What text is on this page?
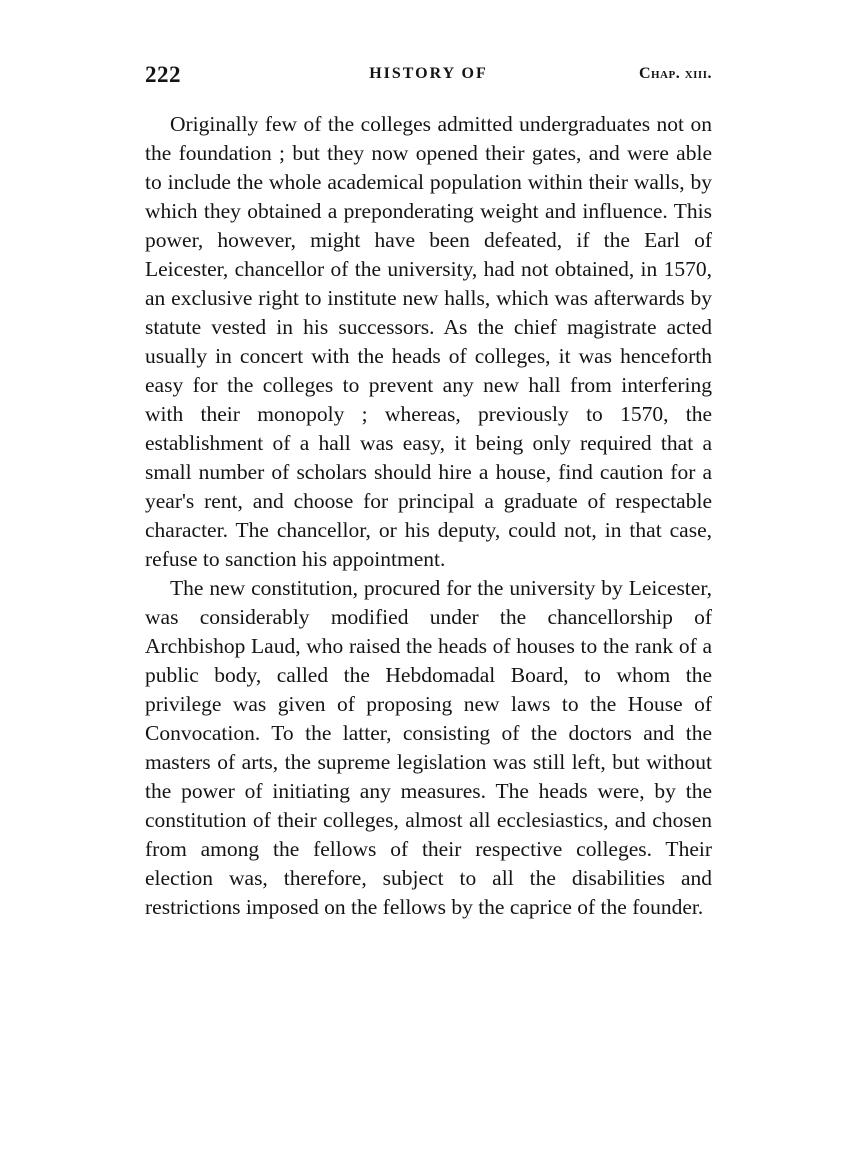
222	HISTORY OF	Chap. xiii.

Originally few of the colleges admitted undergraduates not on the foundation ; but they now opened their gates, and were able to include the whole academical population within their walls, by which they obtained a preponderating weight and influence. This power, however, might have been defeated, if the Earl of Leicester, chancellor of the university, had not obtained, in 1570, an exclusive right to institute new halls, which was afterwards by statute vested in his successors. As the chief magistrate acted usually in concert with the heads of colleges, it was henceforth easy for the colleges to prevent any new hall from interfering with their monopoly ; whereas, previously to 1570, the establishment of a hall was easy, it being only required that a small number of scholars should hire a house, find caution for a year's rent, and choose for principal a graduate of respectable character. The chancellor, or his deputy, could not, in that case, refuse to sanction his appointment.

The new constitution, procured for the university by Leicester, was considerably modified under the chancellorship of Archbishop Laud, who raised the heads of houses to the rank of a public body, called the Hebdomadal Board, to whom the privilege was given of proposing new laws to the House of Convocation. To the latter, consisting of the doctors and the masters of arts, the supreme legislation was still left, but without the power of initiating any measures. The heads were, by the constitution of their colleges, almost all ecclesiastics, and chosen from among the fellows of their respective colleges. Their election was, therefore, subject to all the disabilities and restrictions imposed on the fellows by the caprice of the founder.
